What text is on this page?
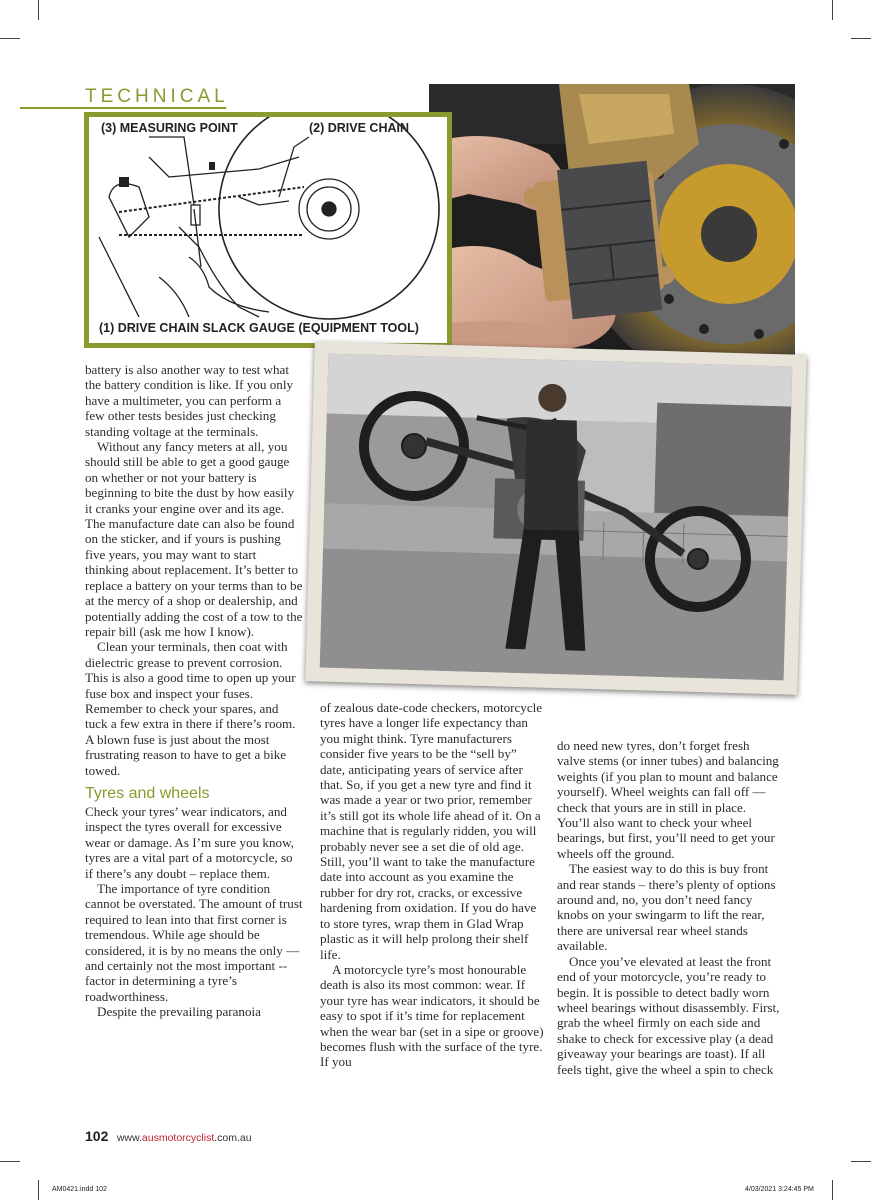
TECHNICAL
(3) MEASURING POINT	(2) DRIVE CHAIN
(1) DRIVE CHAIN SLACK GAUGE (EQUIPMENT TOOL)

battery is also another way to test what the battery condition is like. If you only have a multimeter, you can perform a few other tests besides just checking standing voltage at the terminals.

Without any fancy meters at all, you should still be able to get a good gauge on whether or not your battery is beginning to bite the dust by how easily it cranks your engine over and its age. The manufacture date can also be found on the sticker, and if yours is pushing five years, you may want to start thinking about replacement. It’s better to replace a battery on your terms than to be at the mercy of a shop or dealership, and potentially adding the cost of a tow to the repair bill (ask me how I know).

Clean your terminals, then coat with dielectric grease to prevent corrosion. This is also a good time to open up your fuse box and inspect your fuses. Remember to check your spares, and tuck a few extra in there if there’s room. A blown fuse is just about the most frustrating reason to have to get a bike towed.

Tyres and wheels

Check your tyres’ wear indicators, and inspect the tyres overall for excessive wear or damage. As I’m sure you know, tyres are a vital part of a motorcycle, so if there’s any doubt – replace them.

The importance of tyre condition cannot be overstated. The amount of trust required to lean into that first corner is tremendous. While age should be considered, it is by no means the only — and certainly not the most important -- factor in determining a tyre’s roadworthiness.

Despite the prevailing paranoia

of zealous date-code checkers, motorcycle tyres have a longer life expectancy than you might think. Tyre manufacturers consider five years to be the “sell by” date, anticipating years of service after that. So, if you get a new tyre and find it was made a year or two prior, remember it’s still got its whole life ahead of it. On a machine that is regularly ridden, you will probably never see a set die of old age. Still, you’ll want to take the manufacture date into account as you examine the rubber for dry rot, cracks, or excessive hardening from oxidation. If you do have to store tyres, wrap them in Glad Wrap plastic as it will help prolong their shelf life.

A motorcycle tyre’s most honourable death is also its most common: wear. If your tyre has wear indicators, it should be easy to spot if it’s time for replacement when the wear bar (set in a sipe or groove) becomes flush with the surface of the tyre. If you

do need new tyres, don’t forget fresh valve stems (or inner tubes) and balancing weights (if you plan to mount and balance yourself). Wheel weights can fall off — check that yours are in still in place. You’ll also want to check your wheel bearings, but first, you’ll need to get your wheels off the ground.

The easiest way to do this is buy front and rear stands – there’s plenty of options around and, no, you don’t need fancy knobs on your swingarm to lift the rear, there are universal rear wheel stands available.

Once you’ve elevated at least the front end of your motorcycle, you’re ready to begin. It is possible to detect badly worn wheel bearings without disassembly. First, grab the wheel firmly on each side and shake to check for excessive play (a dead giveaway your bearings are toast). If all feels tight, give the wheel a spin to check

102 www.ausmotorcyclist.com.au
AM0421.indd 102	4/03/2021 3:24:45 PM
